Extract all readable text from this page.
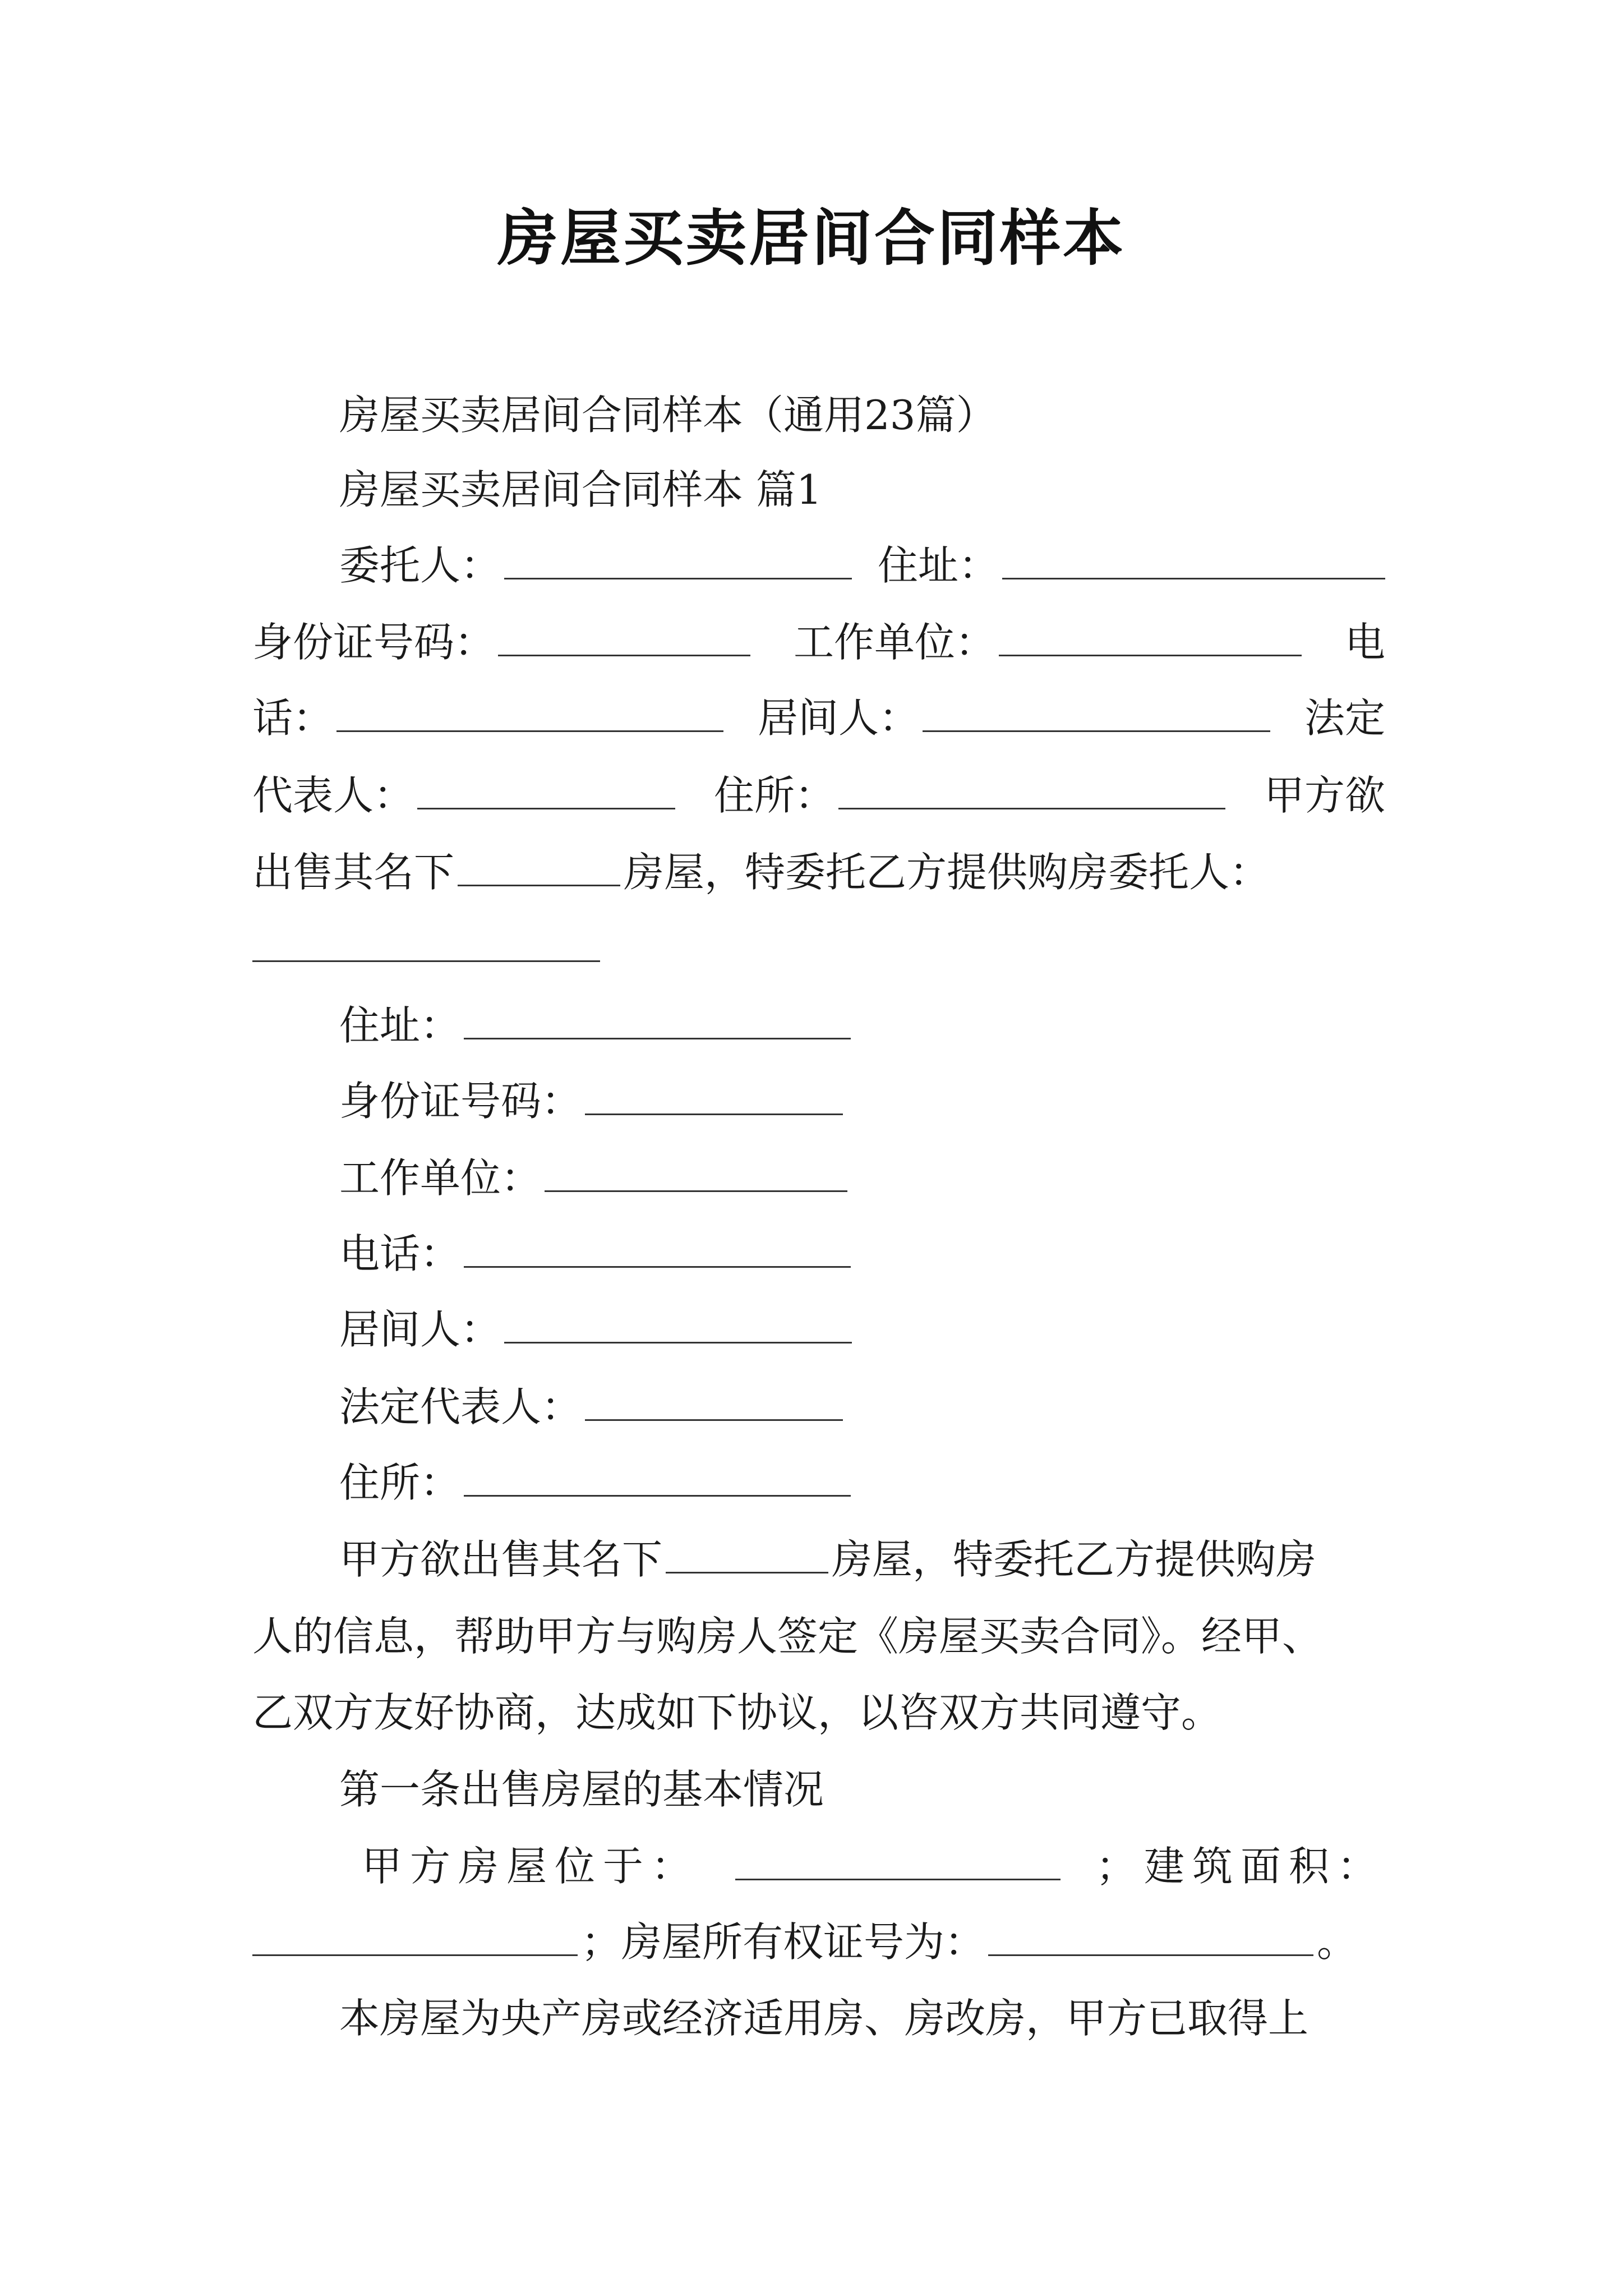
房屋买卖居间合同样本
房屋买卖居间合同样本（通用23篇）
房屋买卖居间合同样本 篇1
委托人：	住址：
身份证号码：	工作单位：	电
话：	居间人：	法定
代表人：	住所：	甲方欲
出售其名下	房屋，特委托乙方提供购房委托人：
住址：
身份证号码：
工作单位：
电话：
居间人：
法定代表人：
住所：
甲方欲出售其名下	房屋，特委托乙方提供购房
人的信息，帮助甲方与购房人签定《房屋买卖合同》。经甲、
乙双方友好协商，达成如下协议，以咨双方共同遵守。
第一条出售房屋的基本情况
甲方房屋位于：	；建筑面积：
；房屋所有权证号为：	。
本房屋为央产房或经济适用房、房改房，甲方已取得上
